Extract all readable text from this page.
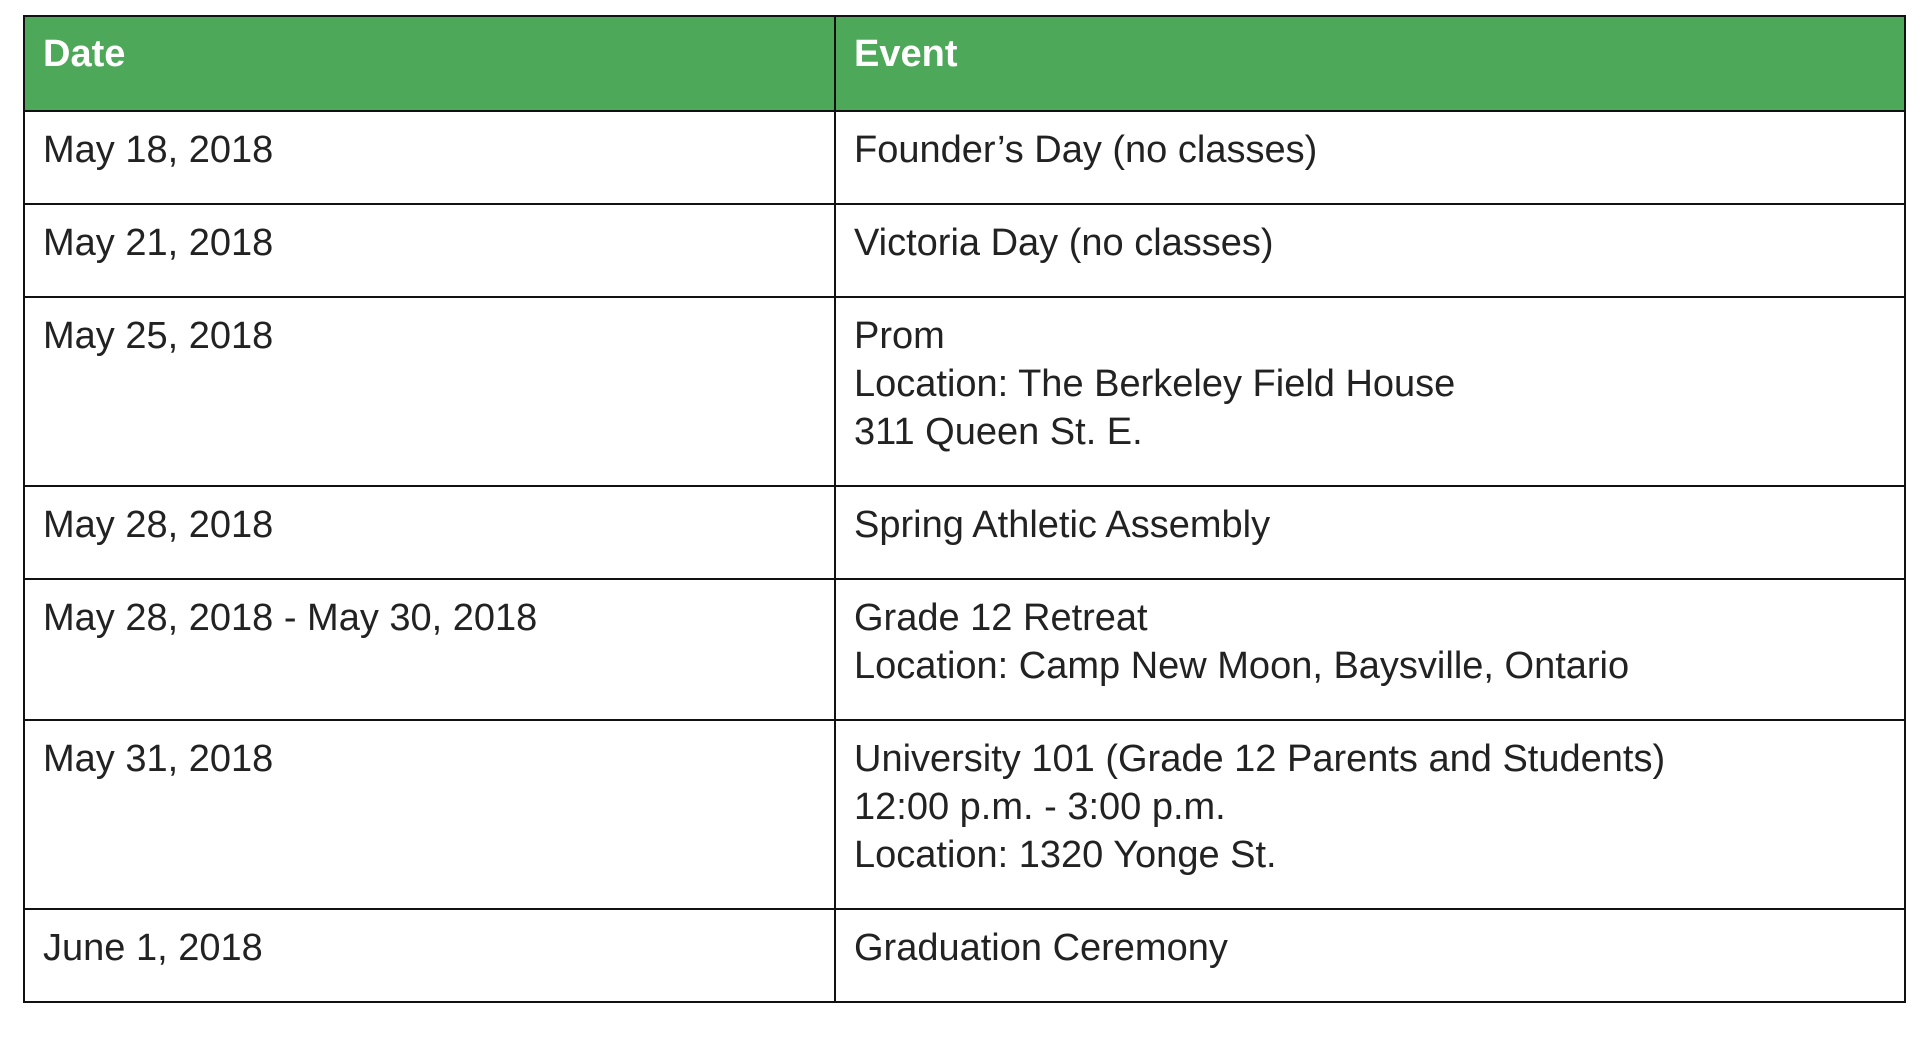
Date	Event
May 18, 2018	Founder’s Day (no classes)

May 21, 2018	Victoria Day (no classes)

May 25, 2018	Prom
Location: The Berkeley Field House
311 Queen St. E.

May 28, 2018	Spring Athletic Assembly

May 28, 2018 - May 30, 2018	Grade 12 Retreat
Location: Camp New Moon, Baysville, Ontario

May 31, 2018	University 101 (Grade 12 Parents and Students)
12:00 p.m. - 3:00 p.m.
Location: 1320 Yonge St.

June 1, 2018	Graduation Ceremony
